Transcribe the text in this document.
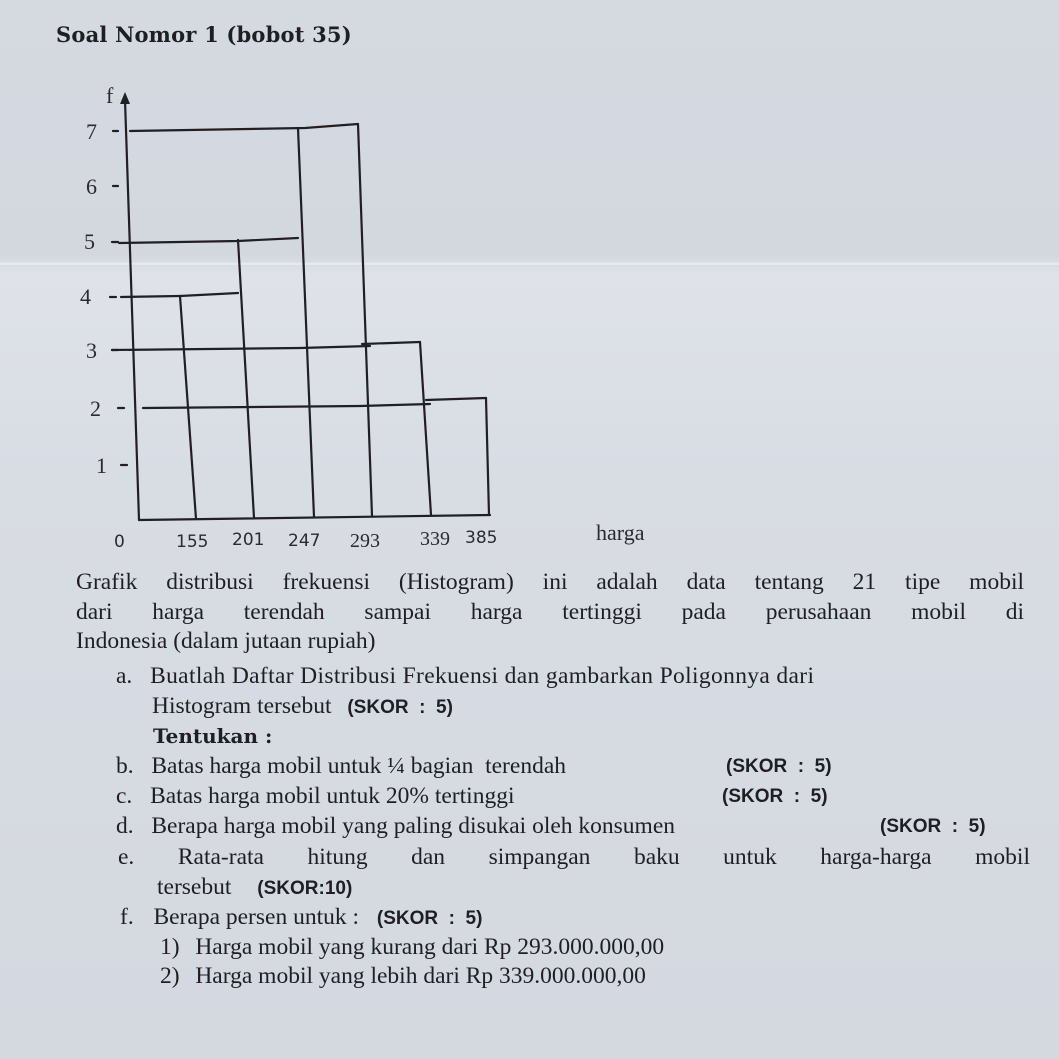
Soal Nomor 1 (bobot 35)
f
7
6
5
4
3
2
1
0	155 201 247 293 339 385	harga
Grafik distribusi frekuensi (Histogram) ini adalah data tentang 21 tipe mobil
dari harga terendah sampai harga tertinggi pada perusahaan mobil di
Indonesia (dalam jutaan rupiah)
a. Buatlah Daftar Distribusi Frekuensi dan gambarkan Poligonnya dari
Histogram tersebut (SKOR  :  5)
Tentukan :
b. Batas harga mobil untuk ¼ bagian  terendah	(SKOR  :  5)
c. Batas harga mobil untuk 20% tertinggi	(SKOR  :  5)
d. Berapa harga mobil yang paling disukai oleh konsumen	(SKOR  :  5)
e. Rata-rata hitung dan simpangan baku untuk harga-harga mobil
tersebut (SKOR:10)
f. Berapa persen untuk : (SKOR  :  5)
1) Harga mobil yang kurang dari Rp 293.000.000,00
2) Harga mobil yang lebih dari Rp 339.000.000,00
